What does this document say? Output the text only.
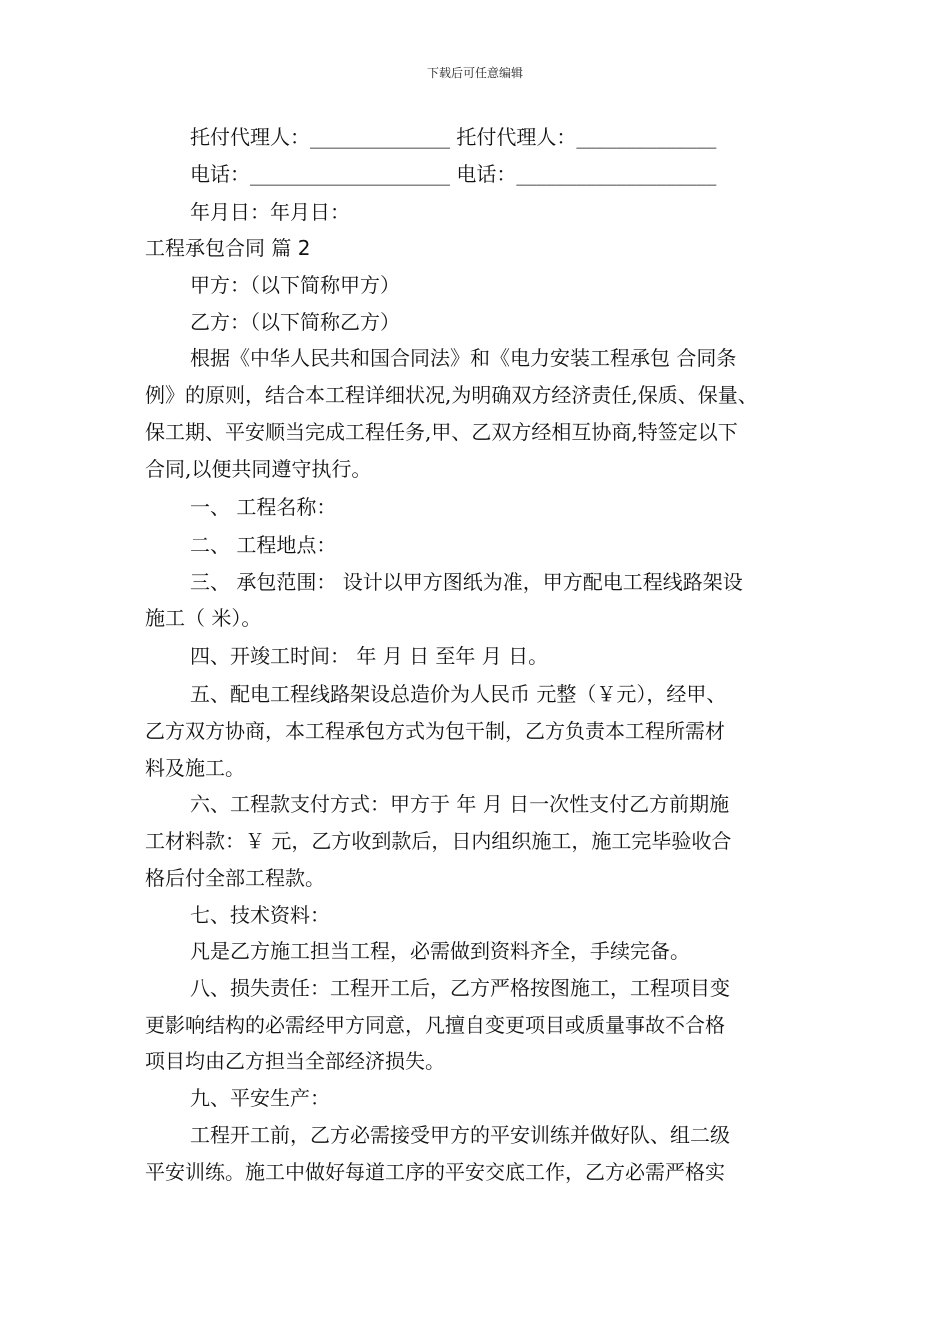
下载后可任意编辑
托付代理人：______________ 托付代理人：______________
电话：____________________ 电话：____________________
年月日：年月日：
工程承包合同 篇 2
甲方：（以下简称甲方）
乙方：（以下简称乙方）
根据《中华人民共和国合同法》和《电力安装工程承包 合同条
例》的原则，结合本工程详细状况,为明确双方经济责任,保质、保量、
保工期、平安顺当完成工程任务,甲、乙双方经相互协商,特签定以下
合同,以便共同遵守执行。
一、 工程名称：
二、 工程地点：
三、 承包范围： 设计以甲方图纸为准，甲方配电工程线路架设
施工（ 米）。
四、开竣工时间： 年 月 日 至年 月 日。
五、配电工程线路架设总造价为人民币 元整（￥元），经甲、
乙方双方协商，本工程承包方式为包干制，乙方负责本工程所需材
料及施工。
六、工程款支付方式：甲方于 年 月 日一次性支付乙方前期施
工材料款：￥ 元，乙方收到款后，日内组织施工，施工完毕验收合
格后付全部工程款。
七、技术资料：
凡是乙方施工担当工程，必需做到资料齐全，手续完备。
八、损失责任：工程开工后，乙方严格按图施工，工程项目变
更影响结构的必需经甲方同意，凡擅自变更项目或质量事故不合格
项目均由乙方担当全部经济损失。
九、平安生产：
工程开工前，乙方必需接受甲方的平安训练并做好队、组二级
平安训练。施工中做好每道工序的平安交底工作，乙方必需严格实
